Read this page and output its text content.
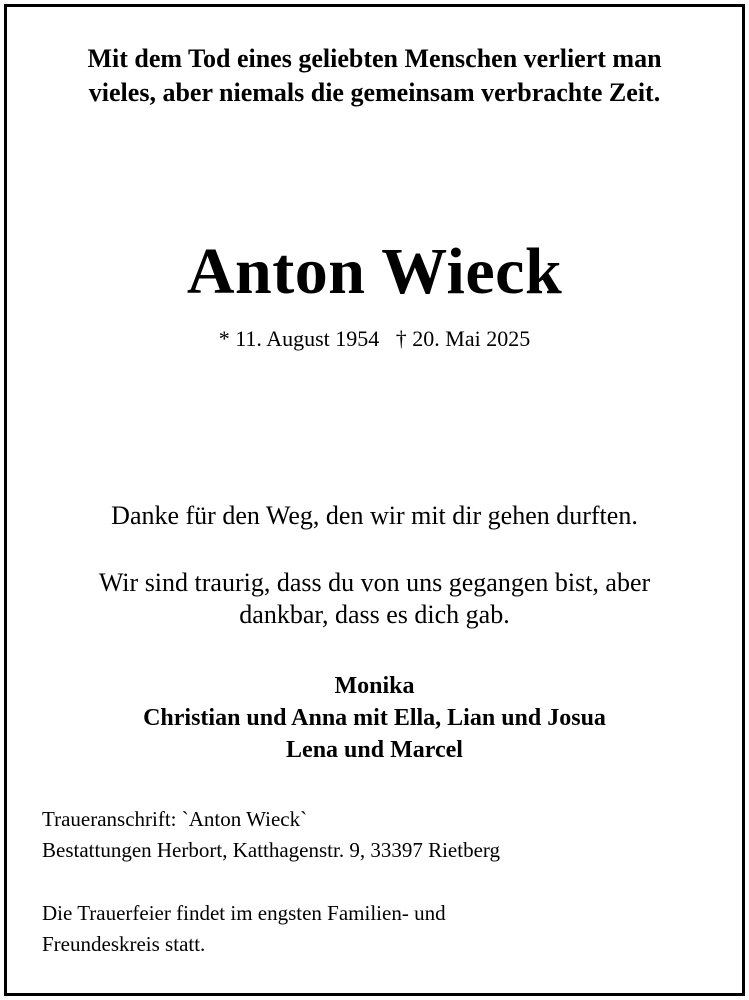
Mit dem Tod eines geliebten Menschen verliert man
vieles, aber niemals die gemeinsam verbrachte Zeit.
Anton Wieck
* 11. August 1954   † 20. Mai 2025
Danke für den Weg, den wir mit dir gehen durften.
Wir sind traurig, dass du von uns gegangen bist, aber
dankbar, dass es dich gab.
Monika
Christian und Anna mit Ella, Lian und Josua
Lena und Marcel
Traueranschrift: `Anton Wieck`
Bestattungen Herbort, Katthagenstr. 9, 33397 Rietberg
Die Trauerfeier findet im engsten Familien- und
Freundeskreis statt.
